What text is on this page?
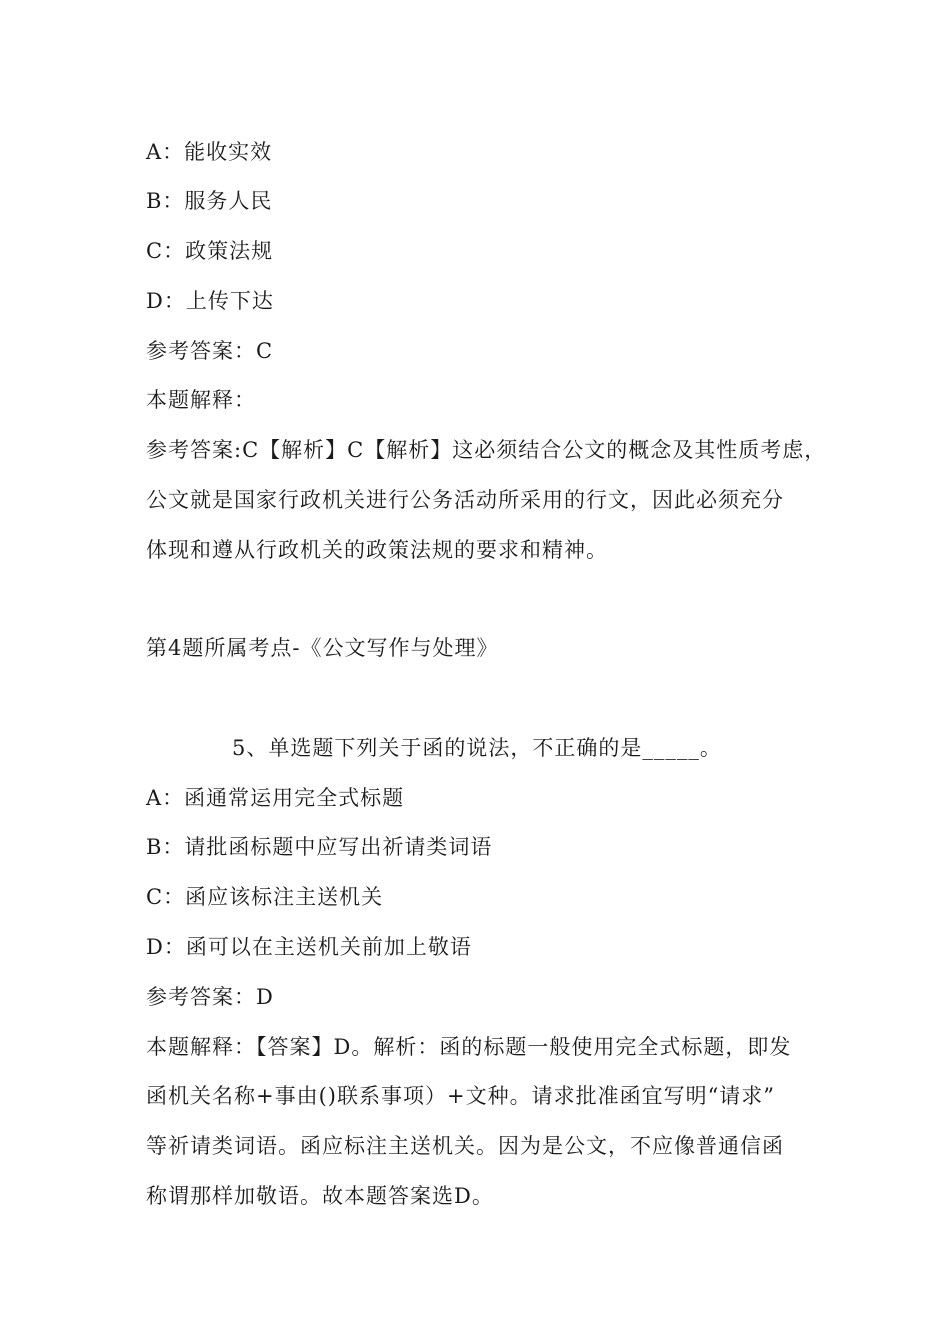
A：能收实效

B：服务人民

C：政策法规

D：上传下达

参考答案：C

本题解释：

参考答案:C【解析】C【解析】这必须结合公文的概念及其性质考虑，

公文就是国家行政机关进行公务活动所采用的行文，因此必须充分

体现和遵从行政机关的政策法规的要求和精神。

第4题所属考点-《公文写作与处理》

5、单选题下列关于函的说法，不正确的是_____。

A：函通常运用完全式标题

B：请批函标题中应写出祈请类词语

C：函应该标注主送机关

D：函可以在主送机关前加上敬语

参考答案：D

本题解释：【答案】D。解析：函的标题一般使用完全式标题，即发

函机关名称+事由()联系事项）+文种。请求批准函宜写明“请求”

等祈请类词语。函应标注主送机关。因为是公文，不应像普通信函

称谓那样加敬语。故本题答案选D。
